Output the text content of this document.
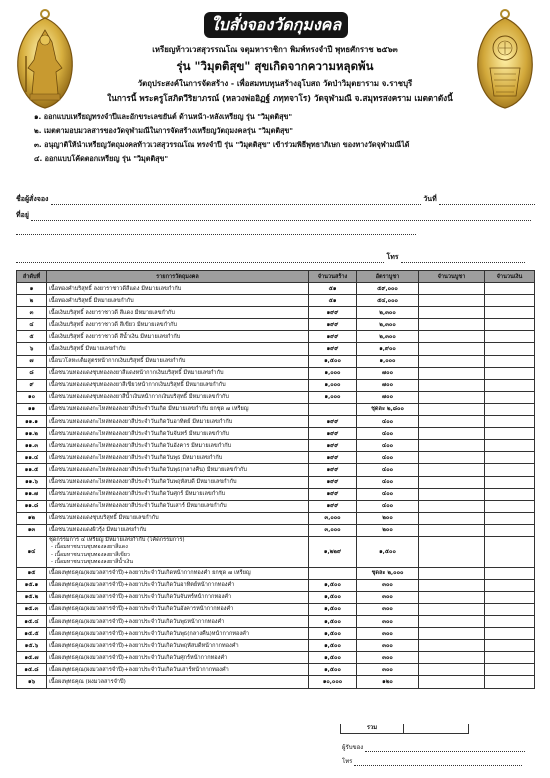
ใบสั่งจองวัดกุมงคล
เหรียญท้าวเวสสุวรรณโณ จตุมหาราชิกา พิมพ์ทรงจำปี พุทธศักราช ๒๕๖๓
รุ่น "วิมุตติสุข" สุขเกิดจากความหลุดพ้น
วัตถุประสงค์ในการจัดสร้าง - เพื่อสมทบทุนสร้างอุโบสถ วัดป่าวิมุตยาราม จ.ราชบุรี
ในการนี้ พระครูโสภิตวีริยาภรณ์ (หลวงพ่ออิฏฐ์ ภทฺทจาโร) วัดจุฬามณี จ.สมุทรสงคราม เมตตาดังนี้
๑. ออกแบบเหรียญทรงจำปีและอักขระเลขยันต์ ด้านหน้า-หลังเหรียญ รุ่น "วิมุตติสุข"
๒. เมตตามอบมวลสารของวัดจุฬามณีในการจัดสร้างเหรียญวัตถุมงคลรุ่น "วิมุตติสุข"
๓. อนุญาติให้นำเหรียญวัตถุมงคลท้าวเวสสุวรรณโณ ทรงจำปี รุ่น "วิมุตติสุข" เข้าร่วมพิธีพุทธาภิเษก ของทางวัดจุฬามณีได้
๔. ออกแบบโค้ดตอกเหรียญ รุ่น "วิมุตติสุข"
ชื่อผู้สั่งจอง	วันที่
ที่อยู่
โทร
ลำดับที่	รายการวัตถุมงคล	จำนวนสร้าง	อัตราบูชา	จำนวนบูชา	จำนวนเงิน
๑	เนื้อทองคำบริสุทธิ์ ลงยาราชาวดีสีแดง มีหมายเลขกำกับ	๕๑	๕๙,๐๐๐		
๒	เนื้อทองคำบริสุทธิ์ มีหมายเลขกำกับ	๕๑	๕๔,๐๐๐		
๓	เนื้อเงินบริสุทธิ์ ลงยาราชาวดี สีแดง มีหมายเลขกำกับ	๑๙๙	๒,๓๐๐		
๔	เนื้อเงินบริสุทธิ์ ลงยาราชาวดี สีเขียว มีหมายเลขกำกับ	๑๙๙	๒,๓๐๐		
๕	เนื้อเงินบริสุทธิ์ ลงยาราชาวดี สีน้ำเงิน มีหมายเลขกำกับ	๑๙๙	๒,๓๐๐		
๖	เนื้อเงินบริสุทธิ์ มีหมายเลขกำกับ	๑๙๙	๑,๙๐๐		
๗	เนื้อนวโลหะเต็มสูตรหน้ากากเงินบริสุทธิ์ มีหมายเลขกำกับ	๑,๕๐๐	๑,๐๐๐		
๘	เนื้อชนวนทองแดงชุบทองลงยาสีแดงหน้ากากเงินบริสุทธิ์ มีหมายเลขกำกับ	๑,๐๐๐	๗๐๐		
๙	เนื้อชนวนทองแดงชุบทองลงยาสีเขียวหน้ากากเงินบริสุทธิ์ มีหมายเลขกำกับ	๑,๐๐๐	๗๐๐		
๑๐	เนื้อชนวนทองแดงชุบทองลงยาสีน้ำเงินหน้ากากเงินบริสุทธิ์ มีหมายเลขกำกับ	๑,๐๐๐	๗๐๐		
๑๑	เนื้อชนวนทองแดงกะไหล่ทองลงยาสีประจำวันเกิด มีหมายเลขกำกับ ยกชุด ๗ เหรียญ		ชุดละ ๒,๘๐๐		
๑๑.๑	เนื้อชนวนทองแดงกะไหล่ทองลงยาสีประจำวันเกิดวันอาทิตย์ มีหมายเลขกำกับ	๑๙๙	๔๐๐		
๑๑.๒	เนื้อชนวนทองแดงกะไหล่ทองลงยาสีประจำวันเกิดวันจันทร์ มีหมายเลขกำกับ	๑๙๙	๔๐๐		
๑๑.๓	เนื้อชนวนทองแดงกะไหล่ทองลงยาสีประจำวันเกิดวันอังคาร มีหมายเลขกำกับ	๑๙๙	๔๐๐		
๑๑.๔	เนื้อชนวนทองแดงกะไหล่ทองลงยาสีประจำวันเกิดวันพุธ มีหมายเลขกำกับ	๑๙๙	๔๐๐		
๑๑.๕	เนื้อชนวนทองแดงกะไหล่ทองลงยาสีประจำวันเกิดวันพุธ(กลางคืน) มีหมายเลขกำกับ	๑๙๙	๔๐๐		
๑๑.๖	เนื้อชนวนทองแดงกะไหล่ทองลงยาสีประจำวันเกิดวันพฤหัสบดี มีหมายเลขกำกับ	๑๙๙	๔๐๐		
๑๑.๗	เนื้อชนวนทองแดงกะไหล่ทองลงยาสีประจำวันเกิดวันศุกร์ มีหมายเลขกำกับ	๑๙๙	๔๐๐		
๑๑.๘	เนื้อชนวนทองแดงกะไหล่ทองลงยาสีประจำวันเกิดวันเสาร์ มีหมายเลขกำกับ	๑๙๙	๔๐๐		
๑๒	เนื้อชนวนทองแดงชุบบริสุทธิ์ มีหมายเลขกำกับ	๓,๐๐๐	๒๐๐		
๑๓	เนื้อชนวนทองแดงผิวรุ้ง มีหมายเลขกำกับ	๓,๐๐๐	๒๐๐		
๑๔	ชุดกรรมการ ๔ เหรียญ มีหมายเลขกำกับ (โค้ดกรรมการ)
- เนื้อมหาชนวนชุบทองลงยาสีแดง
- เนื้อมหาชนวนชุบทองลงยาสีเขียว
- เนื้อมหาชนวนชุบทองลงยาสีน้ำเงิน	๑,๒๒๙	๑,๕๐๐		
๑๕	เนื้อผงพุทธคุณ(ผงมวลสารจำปี)+ลงยาประจำวันเกิดหน้ากากทองคำ ยกชุด ๗ เหรียญ		ชุดละ ๒,๐๐๐		
๑๕.๑	เนื้อผงพุทธคุณ(ผงมวลสารจำปี)+ลงยาประจำวันเกิดวันอาทิตย์หน้ากากทองคำ	๑,๕๐๐	๓๐๐		
๑๕.๒	เนื้อผงพุทธคุณ(ผงมวลสารจำปี)+ลงยาประจำวันเกิดวันจันทร์หน้ากากทองคำ	๑,๕๐๐	๓๐๐		
๑๕.๓	เนื้อผงพุทธคุณ(ผงมวลสารจำปี)+ลงยาประจำวันเกิดวันอังคารหน้ากากทองคำ	๑,๕๐๐	๓๐๐		
๑๕.๔	เนื้อผงพุทธคุณ(ผงมวลสารจำปี)+ลงยาประจำวันเกิดวันพุธหน้ากากทองคำ	๑,๕๐๐	๓๐๐		
๑๕.๕	เนื้อผงพุทธคุณ(ผงมวลสารจำปี)+ลงยาประจำวันเกิดวันพุธ(กลางคืน)หน้ากากทองคำ	๑,๕๐๐	๓๐๐		
๑๕.๖	เนื้อผงพุทธคุณ(ผงมวลสารจำปี)+ลงยาประจำวันเกิดวันพฤหัสบดีหน้ากากทองคำ	๑,๕๐๐	๓๐๐		
๑๕.๗	เนื้อผงพุทธคุณ(ผงมวลสารจำปี)+ลงยาประจำวันเกิดวันศุกร์หน้ากากทองคำ	๑,๕๐๐	๓๐๐		
๑๕.๘	เนื้อผงพุทธคุณ(ผงมวลสารจำปี)+ลงยาประจำวันเกิดวันเสาร์หน้ากากทองคำ	๑,๕๐๐	๓๐๐		
๑๖	เนื้อผงพุทธคุณ (ผงมวลสารจำปี)	๑๐,๐๐๐	๑๒๐		
รวม
ผู้รับของ
โทร
